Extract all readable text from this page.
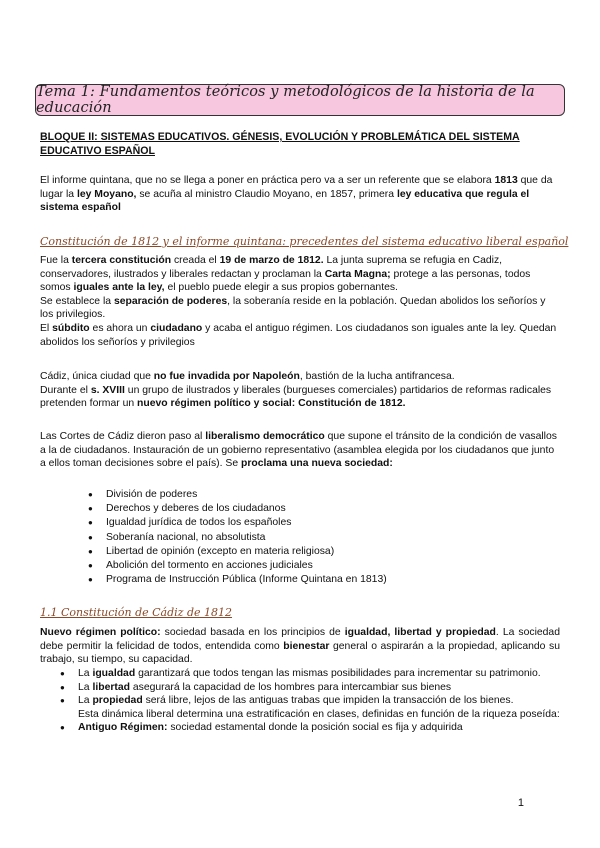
Tema 1: Fundamentos teóricos y metodológicos de la historia de la educación
BLOQUE II: SISTEMAS EDUCATIVOS. GÉNESIS, EVOLUCIÓN Y PROBLEMÁTICA DEL SISTEMA EDUCATIVO ESPAÑOL
El informe quintana, que no se llega a poner en práctica pero va a ser un referente que se elabora 1813 que da lugar la ley Moyano, se acuña al ministro Claudio Moyano, en 1857, primera ley educativa que regula el sistema español
Constitución de 1812 y el informe quintana: precedentes del sistema educativo liberal español

Fue la tercera constitución creada el 19 de marzo de 1812. La junta suprema se refugia en Cadiz, conservadores, ilustrados y liberales redactan y proclaman la Carta Magna; protege a las personas, todos somos iguales ante la ley, el pueblo puede elegir a sus propios gobernantes.

Se establece la separación de poderes, la soberanía reside en la población. Quedan abolidos los señoríos y los privilegios.

El súbdito es ahora un ciudadano y acaba el antiguo régimen. Los ciudadanos son iguales ante la ley. Quedan abolidos los señoríos y privilegios

Cádiz, única ciudad que no fue invadida por Napoleón, bastión de la lucha antifrancesa.

Durante el s. XVIII un grupo de ilustrados y liberales (burgueses comerciales) partidarios de reformas radicales pretenden formar un nuevo régimen político y social: Constitución de 1812.

Las Cortes de Cádiz dieron paso al liberalismo democrático que supone el tránsito de la condición de vasallos a la de ciudadanos. Instauración de un gobierno representativo (asamblea elegida por los ciudadanos que junto a ellos toman decisiones sobre el país). Se proclama una nueva sociedad:
● División de poderes
● Derechos y deberes de los ciudadanos
● Igualdad jurídica de todos los españoles
● Soberanía nacional, no absolutista
● Libertad de opinión (excepto en materia religiosa)
● Abolición del tormento en acciones judiciales
● Programa de Instrucción Pública (Informe Quintana en 1813)
1.1 Constitución de Cádiz de 1812
Nuevo régimen político: sociedad basada en los principios de igualdad, libertad y propiedad. La sociedad debe permitir la felicidad de todos, entendida como bienestar general o aspirarán a la propiedad, aplicando su trabajo, su tiempo, su capacidad.
● La igualdad garantizará que todos tengan las mismas posibilidades para incrementar su patrimonio.
● La libertad asegurará la capacidad de los hombres para intercambiar sus bienes
● La propiedad será libre, lejos de las antiguas trabas que impiden la transacción de los bienes.
Esta dinámica liberal determina una estratificación en clases, definidas en función de la riqueza poseída:
● Antiguo Régimen: sociedad estamental donde la posición social es fija y adquirida
1
